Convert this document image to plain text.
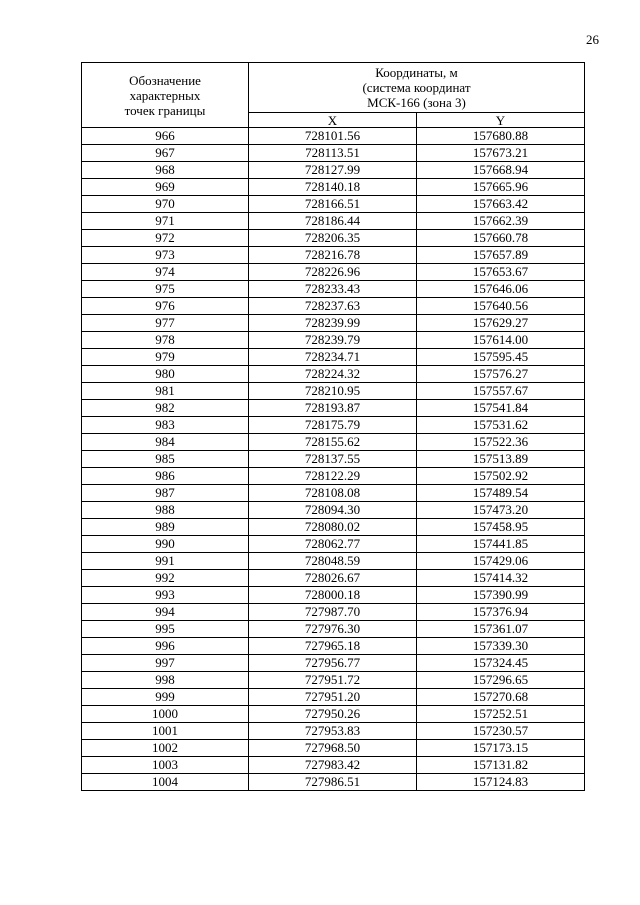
26
Обозначение
характерных
точек границы	Координаты, м
(система координат
МСК-166 (зона 3)	

	X	Y
966	728101.56	157680.88
967	728113.51	157673.21
968	728127.99	157668.94
969	728140.18	157665.96
970	728166.51	157663.42
971	728186.44	157662.39
972	728206.35	157660.78
973	728216.78	157657.89
974	728226.96	157653.67
975	728233.43	157646.06
976	728237.63	157640.56
977	728239.99	157629.27
978	728239.79	157614.00
979	728234.71	157595.45
980	728224.32	157576.27
981	728210.95	157557.67
982	728193.87	157541.84
983	728175.79	157531.62
984	728155.62	157522.36
985	728137.55	157513.89
986	728122.29	157502.92
987	728108.08	157489.54
988	728094.30	157473.20
989	728080.02	157458.95
990	728062.77	157441.85
991	728048.59	157429.06
992	728026.67	157414.32
993	728000.18	157390.99
994	727987.70	157376.94
995	727976.30	157361.07
996	727965.18	157339.30
997	727956.77	157324.45
998	727951.72	157296.65
999	727951.20	157270.68
1000	727950.26	157252.51
1001	727953.83	157230.57
1002	727968.50	157173.15
1003	727983.42	157131.82
1004	727986.51	157124.83
